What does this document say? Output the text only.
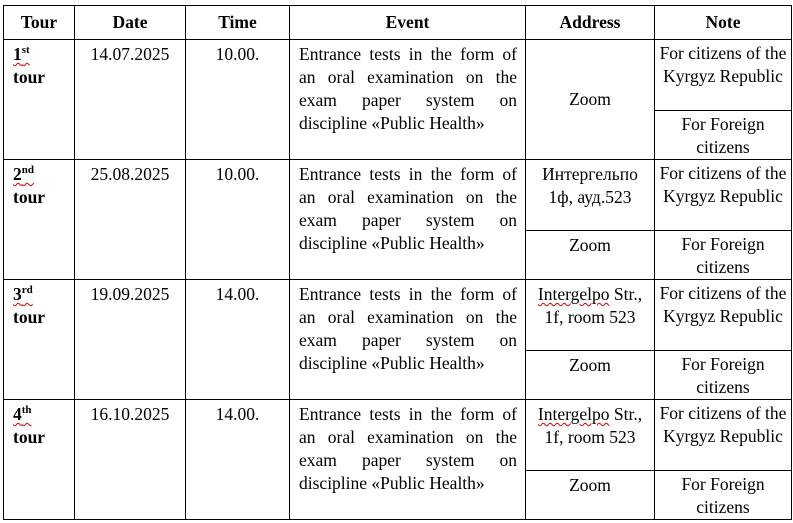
Tour	Date	Time	Event	Address	Note
1st
tour	14.07.2025	10.00.	Entrance tests in the form of an oral examination on the exam paper system on discipline «Public Health»	Zoom	For citizens of the Kyrgyz Republic
					For Foreign citizens
2nd
tour	25.08.2025	10.00.	Entrance tests in the form of an oral examination on the exam paper system on discipline «Public Health»	Интергельпо 1ф, ауд.523	For citizens of the Kyrgyz Republic
				Zoom	For Foreign citizens
3rd
tour	19.09.2025	14.00.	Entrance tests in the form of an oral examination on the exam paper system on discipline «Public Health»	Intergelpo Str., 1f, room 523	For citizens of the Kyrgyz Republic
				Zoom	For Foreign citizens
4th
tour	16.10.2025	14.00.	Entrance tests in the form of an oral examination on the exam paper system on discipline «Public Health»	Intergelpo Str., 1f, room 523	For citizens of the Kyrgyz Republic
				Zoom	For Foreign citizens
